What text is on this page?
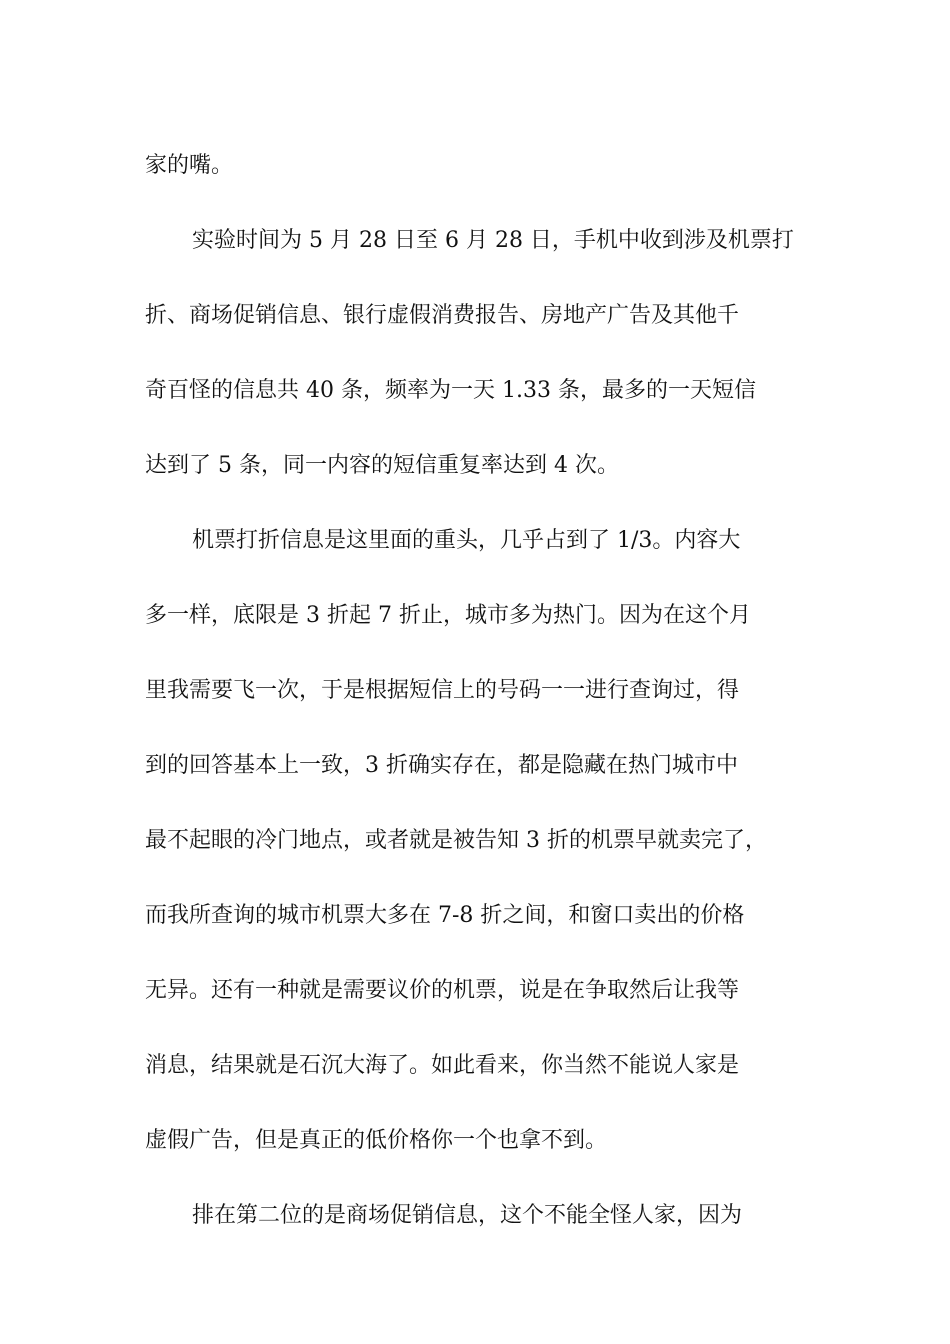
家的嘴。
实验时间为 5 月 28 日至 6 月 28 日，手机中收到涉及机票打
折、商场促销信息、银行虚假消费报告、房地产广告及其他千
奇百怪的信息共 40 条，频率为一天 1.33 条，最多的一天短信
达到了 5 条，同一内容的短信重复率达到 4 次。
机票打折信息是这里面的重头，几乎占到了 1/3。内容大
多一样，底限是 3 折起 7 折止，城市多为热门。因为在这个月
里我需要飞一次，于是根据短信上的号码一一进行查询过，得
到的回答基本上一致，3 折确实存在，都是隐藏在热门城市中
最不起眼的冷门地点，或者就是被告知 3 折的机票早就卖完了，
而我所查询的城市机票大多在 7-8 折之间，和窗口卖出的价格
无异。还有一种就是需要议价的机票，说是在争取然后让我等
消息，结果就是石沉大海了。如此看来，你当然不能说人家是
虚假广告，但是真正的低价格你一个也拿不到。
排在第二位的是商场促销信息，这个不能全怪人家，因为
